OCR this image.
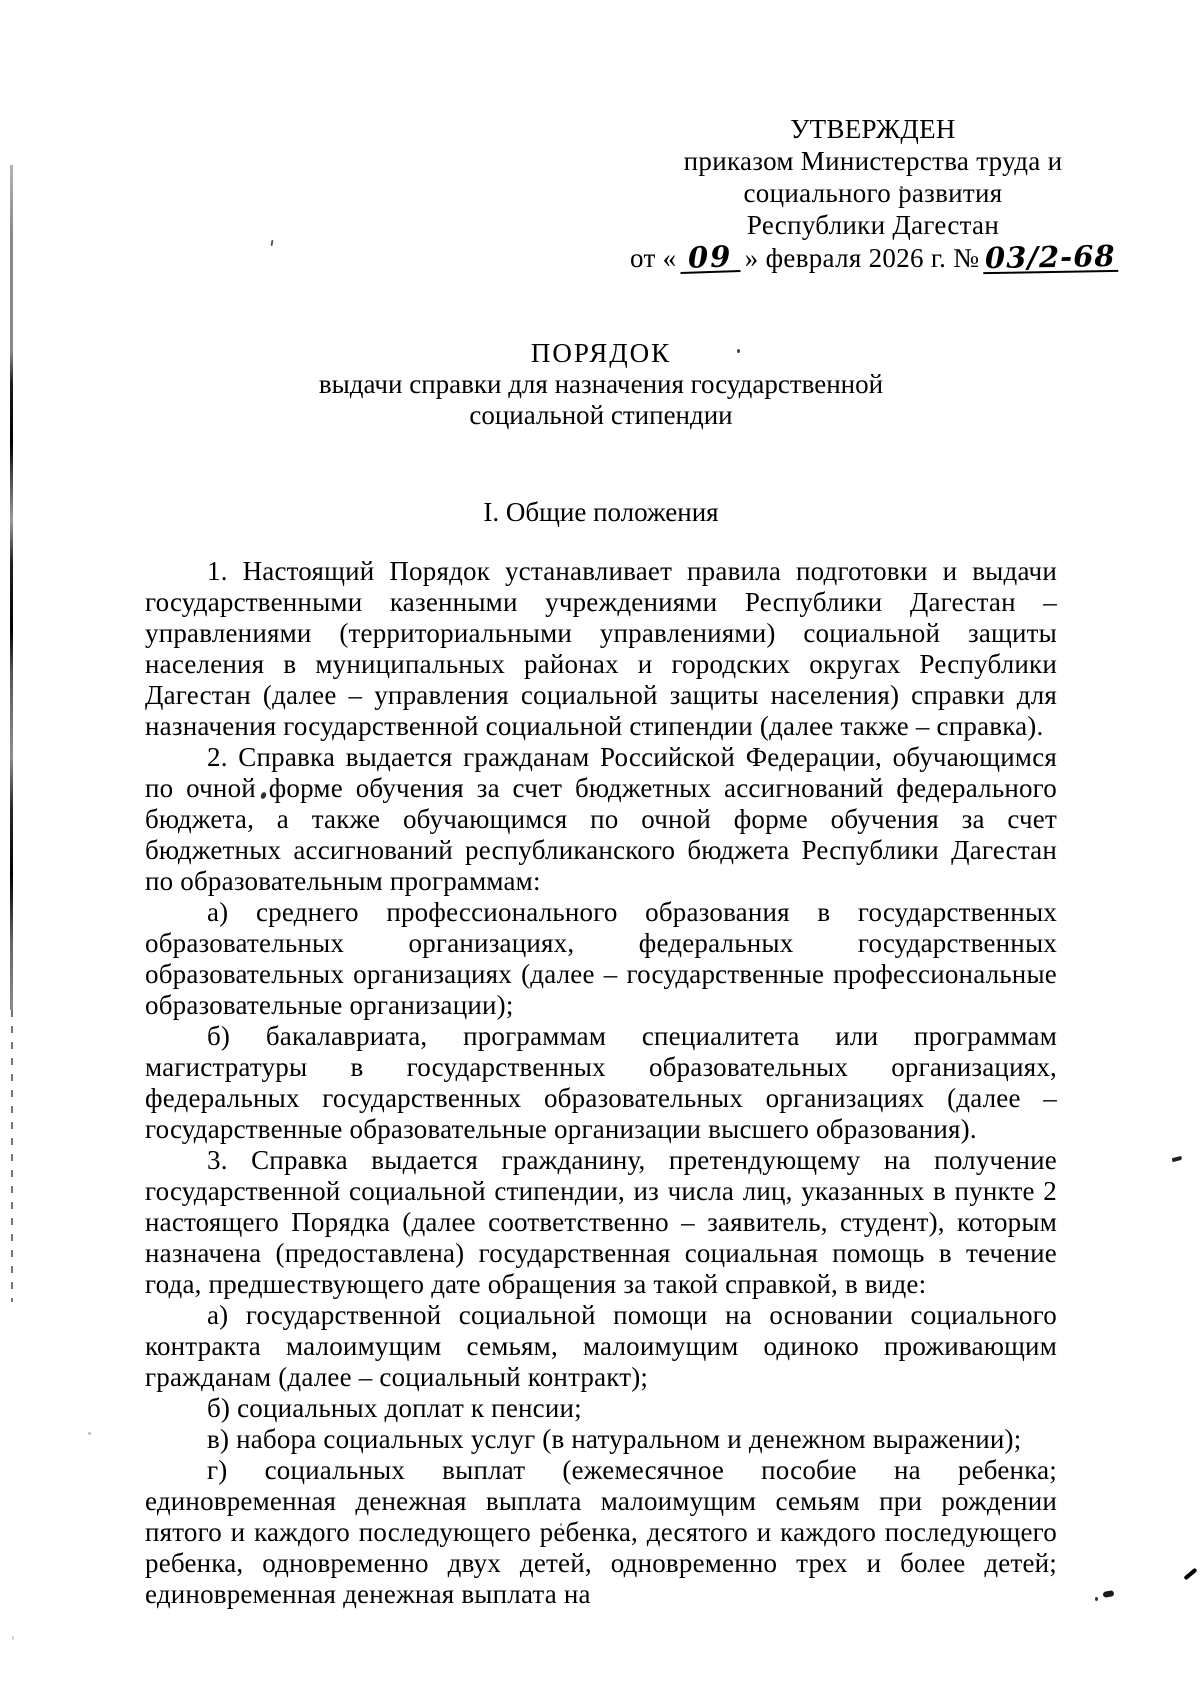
УТВЕРЖДЕН
приказом Министерства труда и
социального развития
Республики Дагестан
от « 09 » февраля 2026 г. № 03/2-68
ПОРЯДОК
выдачи справки для назначения государственной
социальной стипендии
I. Общие положения

1. Настоящий Порядок устанавливает правила подготовки и выдачи государственными казенными учреждениями Республики Дагестан – управлениями (территориальными управлениями) социальной защиты населения в муниципальных районах и городских округах Республики Дагестан (далее – управления социальной защиты населения) справки для назначения государственной социальной стипендии (далее также – справка).

2. Справка выдается гражданам Российской Федерации, обучающимся по очной форме обучения за счет бюджетных ассигнований федерального бюджета, а также обучающимся по очной форме обучения за счет бюджетных ассигнований республиканского бюджета Республики Дагестан по образовательным программам:

а) среднего профессионального образования в государственных образовательных организациях, федеральных государственных образовательных организациях (далее – государственные профессиональные образовательные организации);

б) бакалавриата, программам специалитета или программам магистратуры в государственных образовательных организациях, федеральных государственных образовательных организациях (далее – государственные образовательные организации высшего образования).

3. Справка выдается гражданину, претендующему на получение государственной социальной стипендии, из числа лиц, указанных в пункте 2 настоящего Порядка (далее соответственно – заявитель, студент), которым назначена (предоставлена) государственная социальная помощь в течение года, предшествующего дате обращения за такой справкой, в виде:

а) государственной социальной помощи на основании социального контракта малоимущим семьям, малоимущим одиноко проживающим гражданам (далее – социальный контракт);

б) социальных доплат к пенсии;

в) набора социальных услуг (в натуральном и денежном выражении);

г) социальных выплат (ежемесячное пособие на ребенка; единовременная денежная выплата малоимущим семьям при рождении пятого и каждого последующего ребенка, десятого и каждого последующего ребенка, одновременно двух детей, одновременно трех и более детей; единовременная денежная выплата на
